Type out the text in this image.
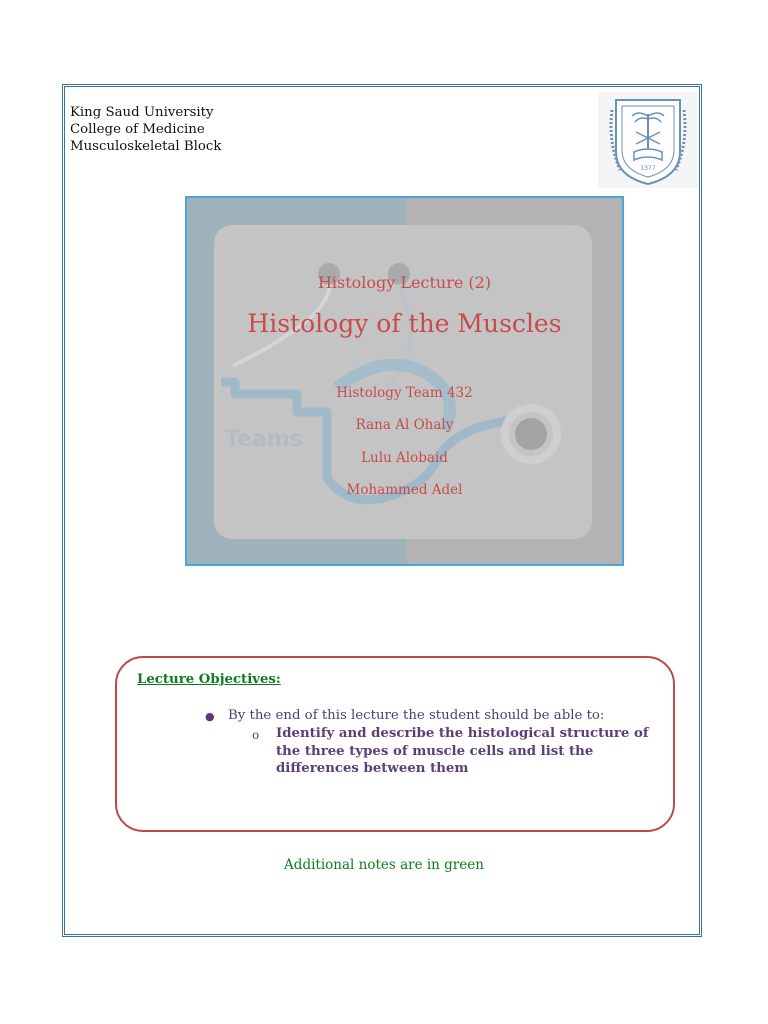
King Saud University
College of Medicine
Musculoskeletal Block
1377
Teams
Histology Lecture (2)
Histology of the Muscles
Histology Team 432
Rana Al Ohaly
Lulu Alobaid
Mohammed Adel
Lecture Objectives:
● By the end of this lecture the student should be able to:
o Identify and describe the histological structure of the three types of muscle cells and list the differences between them
Additional notes are in green
